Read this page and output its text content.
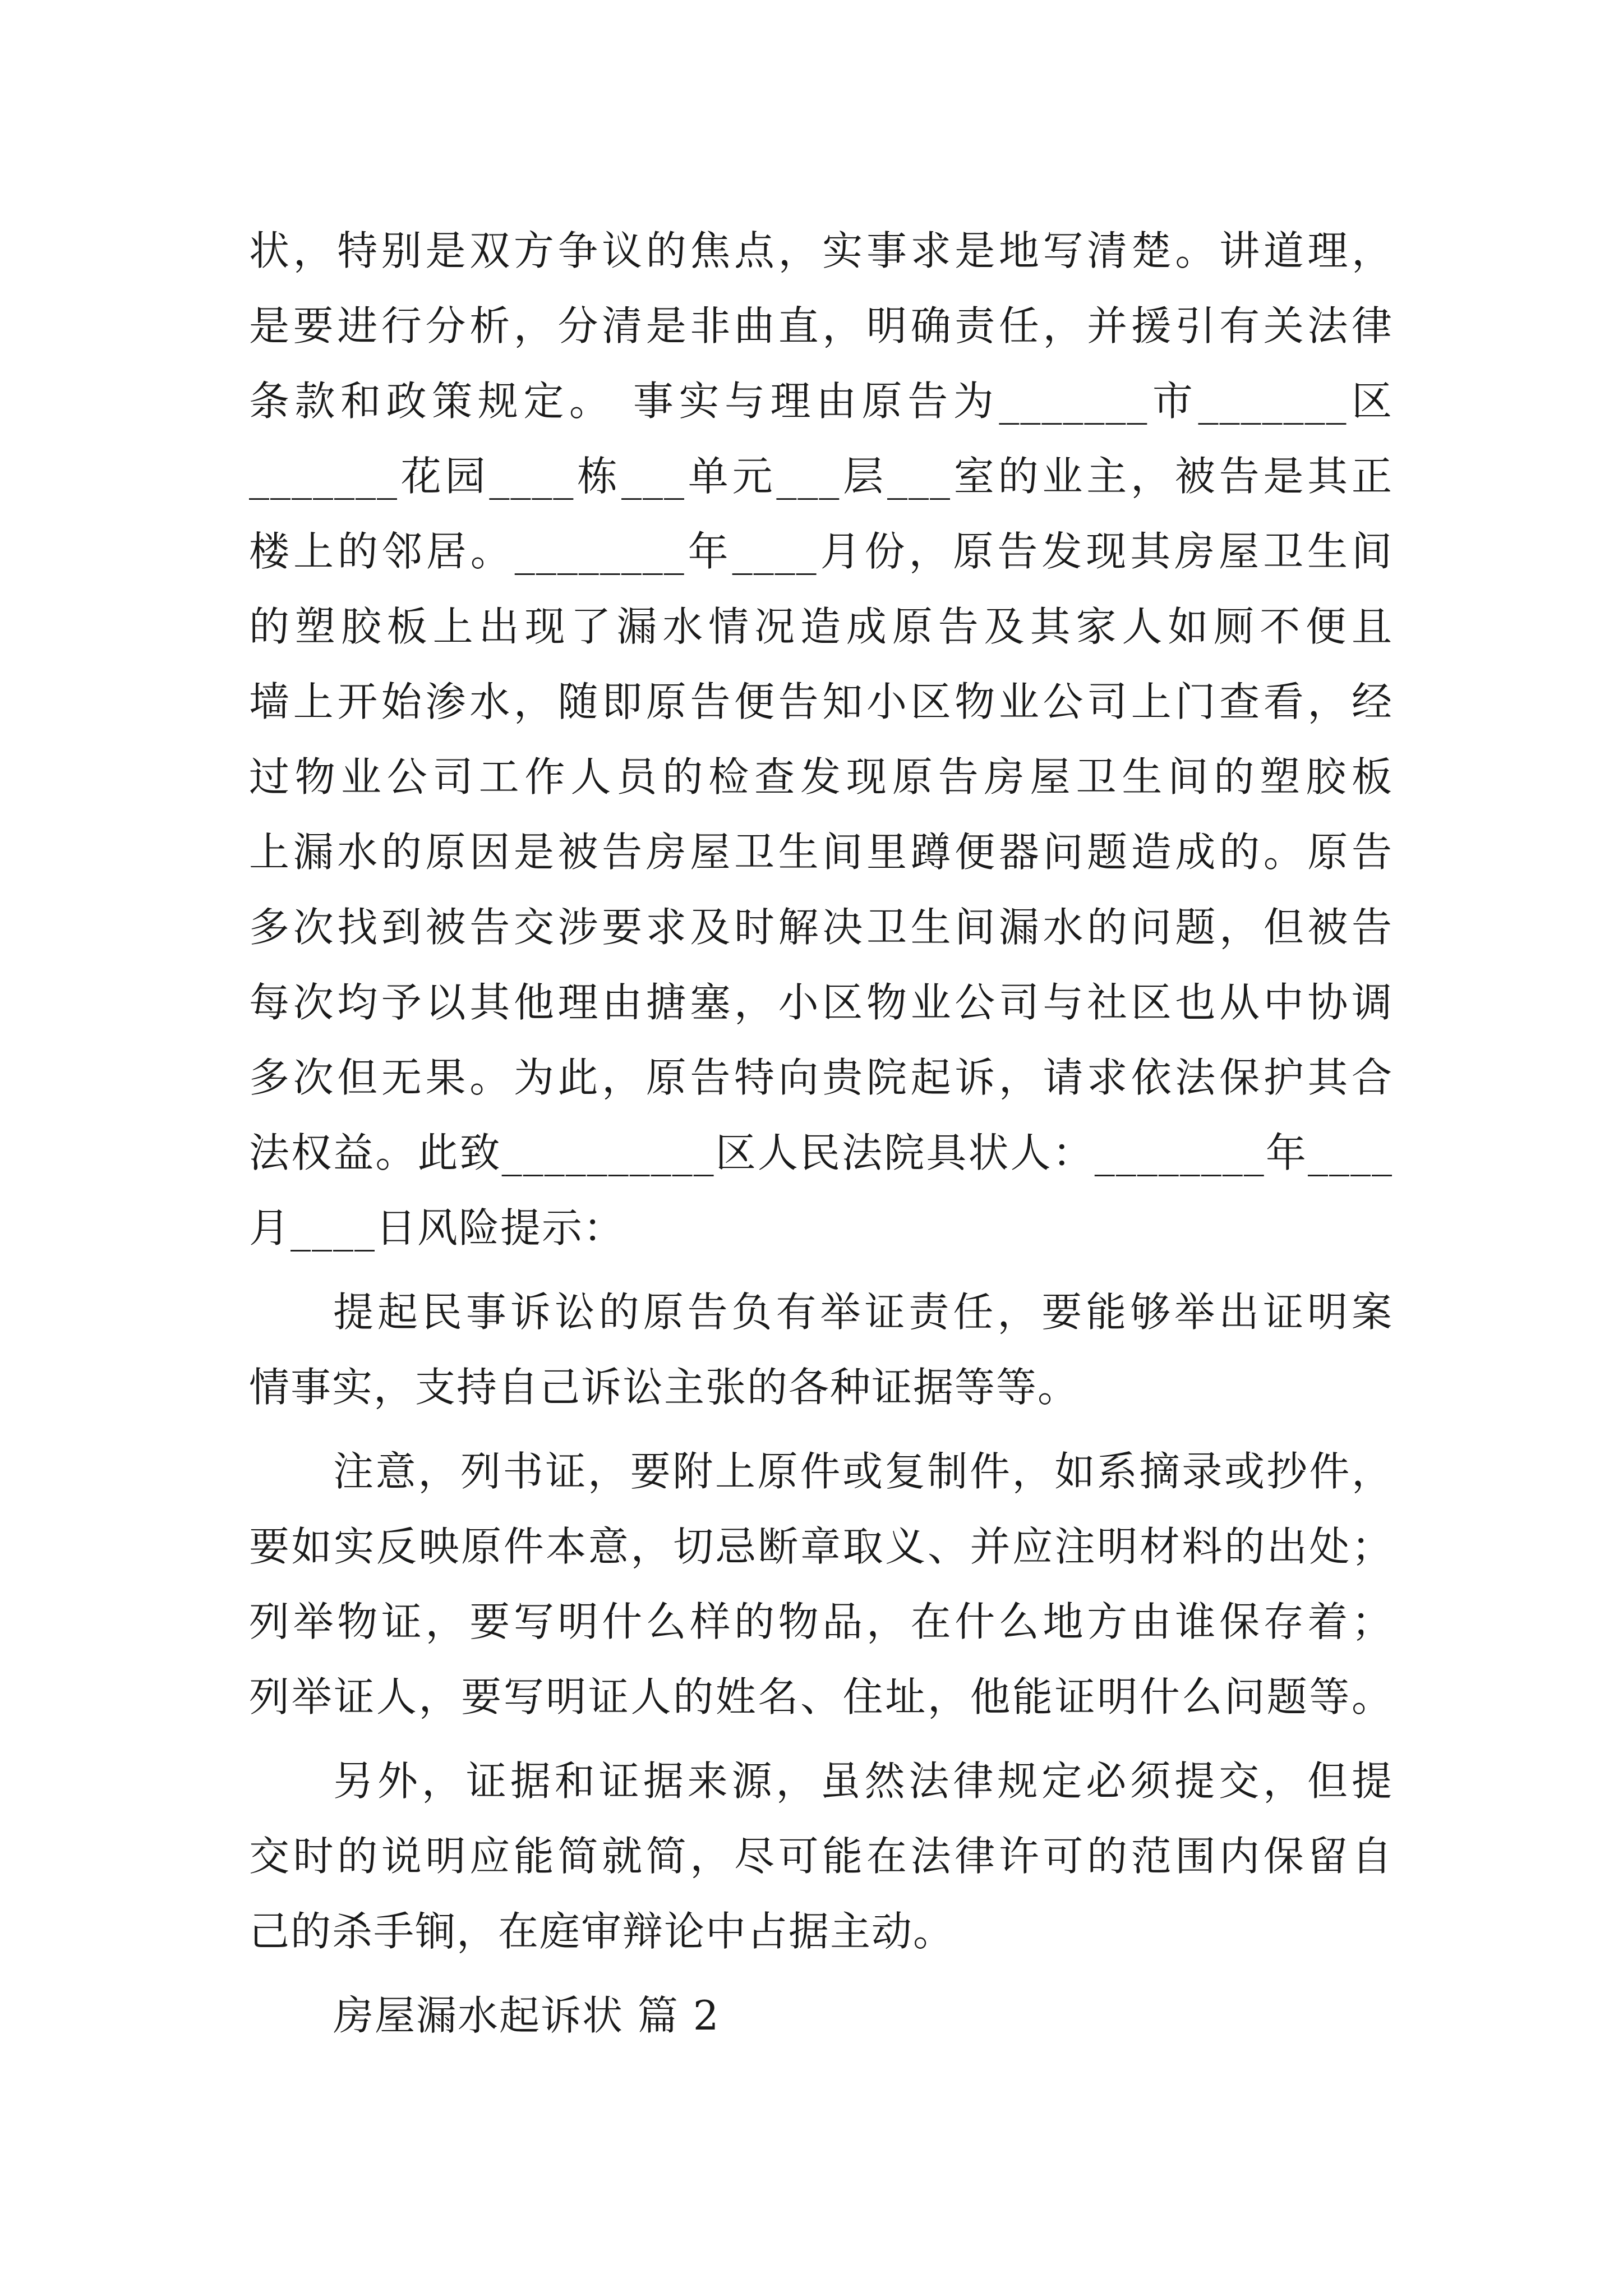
状，特别是双方争议的焦点，实事求是地写清楚。讲道理，
是要进行分析，分清是非曲直，明确责任，并援引有关法律
条款和政策规定。 事实与理由原告为_______市_______区
_______花园____栋___单元___层___室的业主，被告是其正
楼上的邻居。________年____月份，原告发现其房屋卫生间
的塑胶板上出现了漏水情况造成原告及其家人如厕不便且
墙上开始渗水，随即原告便告知小区物业公司上门查看，经
过物业公司工作人员的检查发现原告房屋卫生间的塑胶板
上漏水的原因是被告房屋卫生间里蹲便器问题造成的。原告
多次找到被告交涉要求及时解决卫生间漏水的问题，但被告
每次均予以其他理由搪塞，小区物业公司与社区也从中协调
多次但无果。为此，原告特向贵院起诉，请求依法保护其合
法权益。此致__________区人民法院具状人：________年____
月____日风险提示：
提起民事诉讼的原告负有举证责任，要能够举出证明案
情事实，支持自己诉讼主张的各种证据等等。
注意，列书证，要附上原件或复制件，如系摘录或抄件，
要如实反映原件本意，切忌断章取义、并应注明材料的出处；
列举物证，要写明什么样的物品，在什么地方由谁保存着；
列举证人，要写明证人的姓名、住址，他能证明什么问题等。
另外，证据和证据来源，虽然法律规定必须提交，但提
交时的说明应能简就简，尽可能在法律许可的范围内保留自
己的杀手锏，在庭审辩论中占据主动。
房屋漏水起诉状 篇 2
